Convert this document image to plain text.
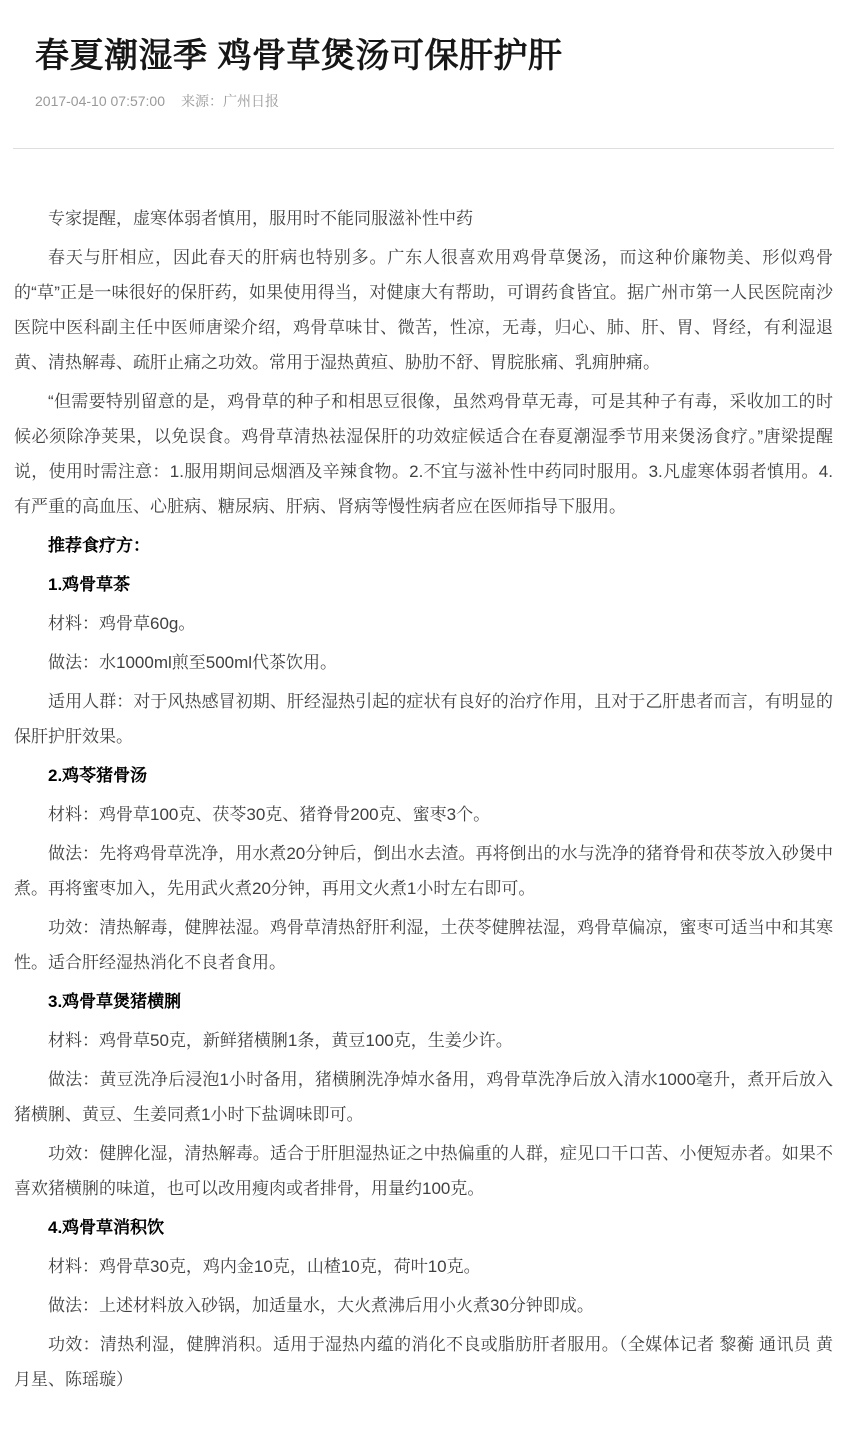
春夏潮湿季 鸡骨草煲汤可保肝护肝
2017-04-10 07:57:00 来源：广州日报

专家提醒，虚寒体弱者慎用，服用时不能同服滋补性中药

春天与肝相应，因此春天的肝病也特别多。广东人很喜欢用鸡骨草煲汤，而这种价廉物美、形似鸡骨的“草”正是一味很好的保肝药，如果使用得当，对健康大有帮助，可谓药食皆宜。据广州市第一人民医院南沙医院中医科副主任中医师唐梁介绍，鸡骨草味甘、微苦，性凉，无毒，归心、肺、肝、胃、肾经，有利湿退黄、清热解毒、疏肝止痛之功效。常用于湿热黄疸、胁肋不舒、胃脘胀痛、乳痈肿痛。

“但需要特别留意的是，鸡骨草的种子和相思豆很像，虽然鸡骨草无毒，可是其种子有毒，采收加工的时候必须除净荚果，以免误食。鸡骨草清热祛湿保肝的功效症候适合在春夏潮湿季节用来煲汤食疗。”唐梁提醒说，使用时需注意：1.服用期间忌烟酒及辛辣食物。2.不宜与滋补性中药同时服用。3.凡虚寒体弱者慎用。4.有严重的高血压、心脏病、糖尿病、肝病、肾病等慢性病者应在医师指导下服用。

推荐食疗方：

1.鸡骨草茶

材料：鸡骨草60g。

做法：水1000ml煎至500ml代茶饮用。

适用人群：对于风热感冒初期、肝经湿热引起的症状有良好的治疗作用，且对于乙肝患者而言，有明显的保肝护肝效果。

2.鸡苓猪骨汤

材料：鸡骨草100克、茯苓30克、猪脊骨200克、蜜枣3个。

做法：先将鸡骨草洗净，用水煮20分钟后，倒出水去渣。再将倒出的水与洗净的猪脊骨和茯苓放入砂煲中煮。再将蜜枣加入，先用武火煮20分钟，再用文火煮1小时左右即可。

功效：清热解毒，健脾祛湿。鸡骨草清热舒肝利湿，土茯苓健脾祛湿，鸡骨草偏凉，蜜枣可适当中和其寒性。适合肝经湿热消化不良者食用。

3.鸡骨草煲猪横脷

材料：鸡骨草50克，新鲜猪横脷1条，黄豆100克，生姜少许。

做法：黄豆洗净后浸泡1小时备用，猪横脷洗净焯水备用，鸡骨草洗净后放入清水1000毫升，煮开后放入猪横脷、黄豆、生姜同煮1小时下盐调味即可。

功效：健脾化湿，清热解毒。适合于肝胆湿热证之中热偏重的人群，症见口干口苦、小便短赤者。如果不喜欢猪横脷的味道，也可以改用瘦肉或者排骨，用量约100克。

4.鸡骨草消积饮

材料：鸡骨草30克，鸡内金10克，山楂10克，荷叶10克。

做法：上述材料放入砂锅，加适量水，大火煮沸后用小火煮30分钟即成。

功效：清热利湿，健脾消积。适用于湿热内蕴的消化不良或脂肪肝者服用。（全媒体记者 黎蘅 通讯员 黄月星、陈瑶璇）
